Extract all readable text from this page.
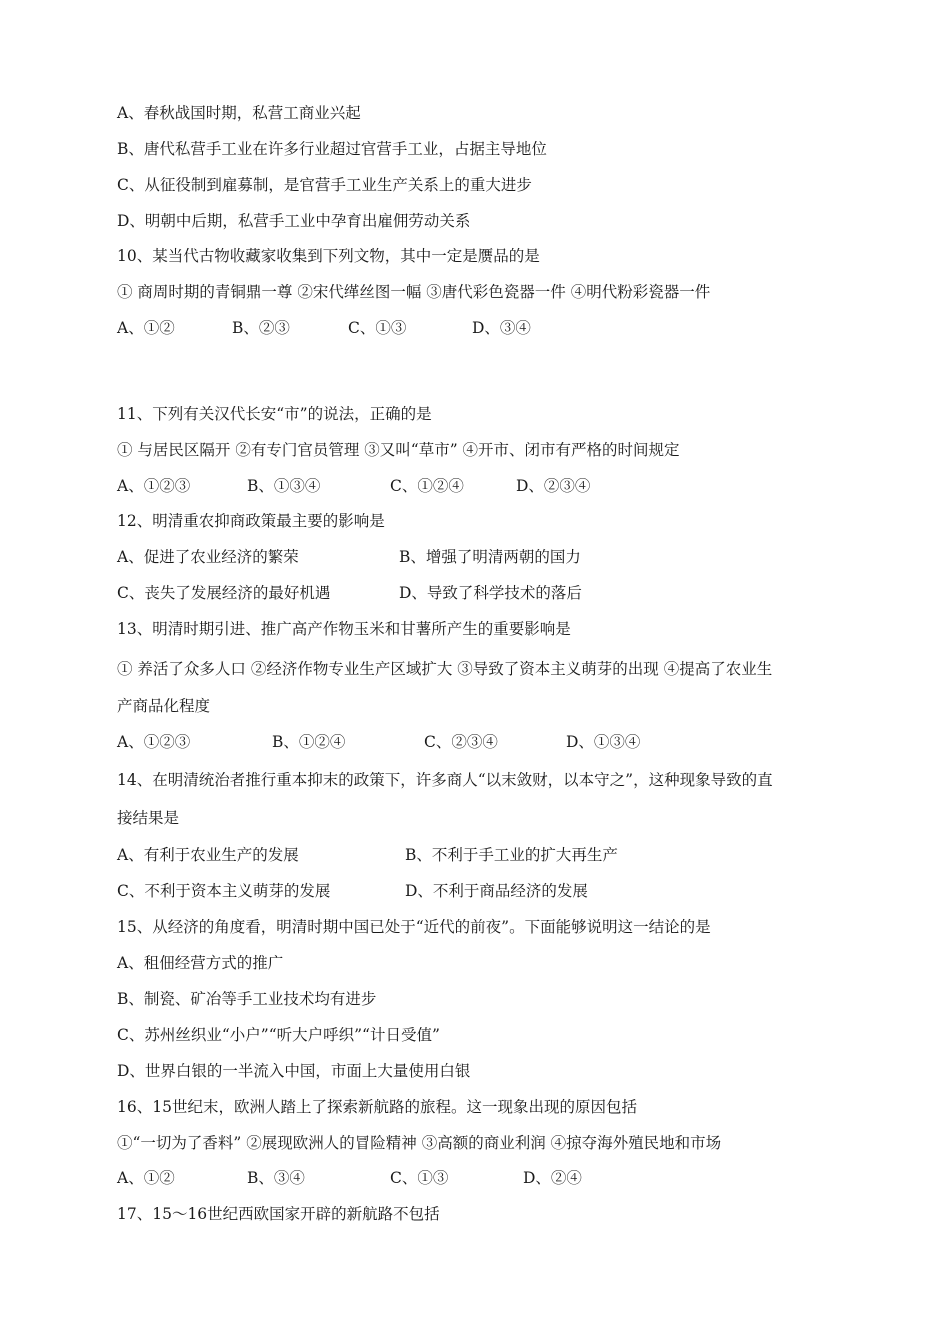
A、春秋战国时期，私营工商业兴起
B、唐代私营手工业在许多行业超过官营手工业，占据主导地位
C、从征役制到雇募制，是官营手工业生产关系上的重大进步
D、明朝中后期，私营手工业中孕育出雇佣劳动关系
10、某当代古物收藏家收集到下列文物，其中一定是赝品的是
① 商周时期的青铜鼎一尊 ②宋代缂丝图一幅 ③唐代彩色瓷器一件 ④明代粉彩瓷器一件
A、①②	B、②③	C、①③	D、③④
11、下列有关汉代长安“市”的说法，正确的是
① 与居民区隔开 ②有专门官员管理 ③又叫“草市” ④开市、闭市有严格的时间规定
A、①②③	B、①③④	C、①②④	D、②③④
12、明清重农抑商政策最主要的影响是
A、促进了农业经济的繁荣	B、增强了明清两朝的国力
C、丧失了发展经济的最好机遇	D、导致了科学技术的落后
13、明清时期引进、推广高产作物玉米和甘薯所产生的重要影响是
① 养活了众多人口 ②经济作物专业生产区域扩大 ③导致了资本主义萌芽的出现 ④提高了农业生
产商品化程度
A、①②③	B、①②④	C、②③④	D、①③④
14、在明清统治者推行重本抑末的政策下，许多商人“以末敛财，以本守之”，这种现象导致的直
接结果是
A、有利于农业生产的发展	B、不利于手工业的扩大再生产
C、不利于资本主义萌芽的发展	D、不利于商品经济的发展
15、从经济的角度看，明清时期中国已处于“近代的前夜”。下面能够说明这一结论的是
A、租佃经营方式的推广
B、制瓷、矿冶等手工业技术均有进步
C、苏州丝织业“小户”“听大户呼织”“计日受值”
D、世界白银的一半流入中国，市面上大量使用白银
16、15世纪末，欧洲人踏上了探索新航路的旅程。这一现象出现的原因包括
①“一切为了香料” ②展现欧洲人的冒险精神 ③高额的商业利润 ④掠夺海外殖民地和市场
A、①②	B、③④	C、①③	D、②④
17、15～16世纪西欧国家开辟的新航路不包括
